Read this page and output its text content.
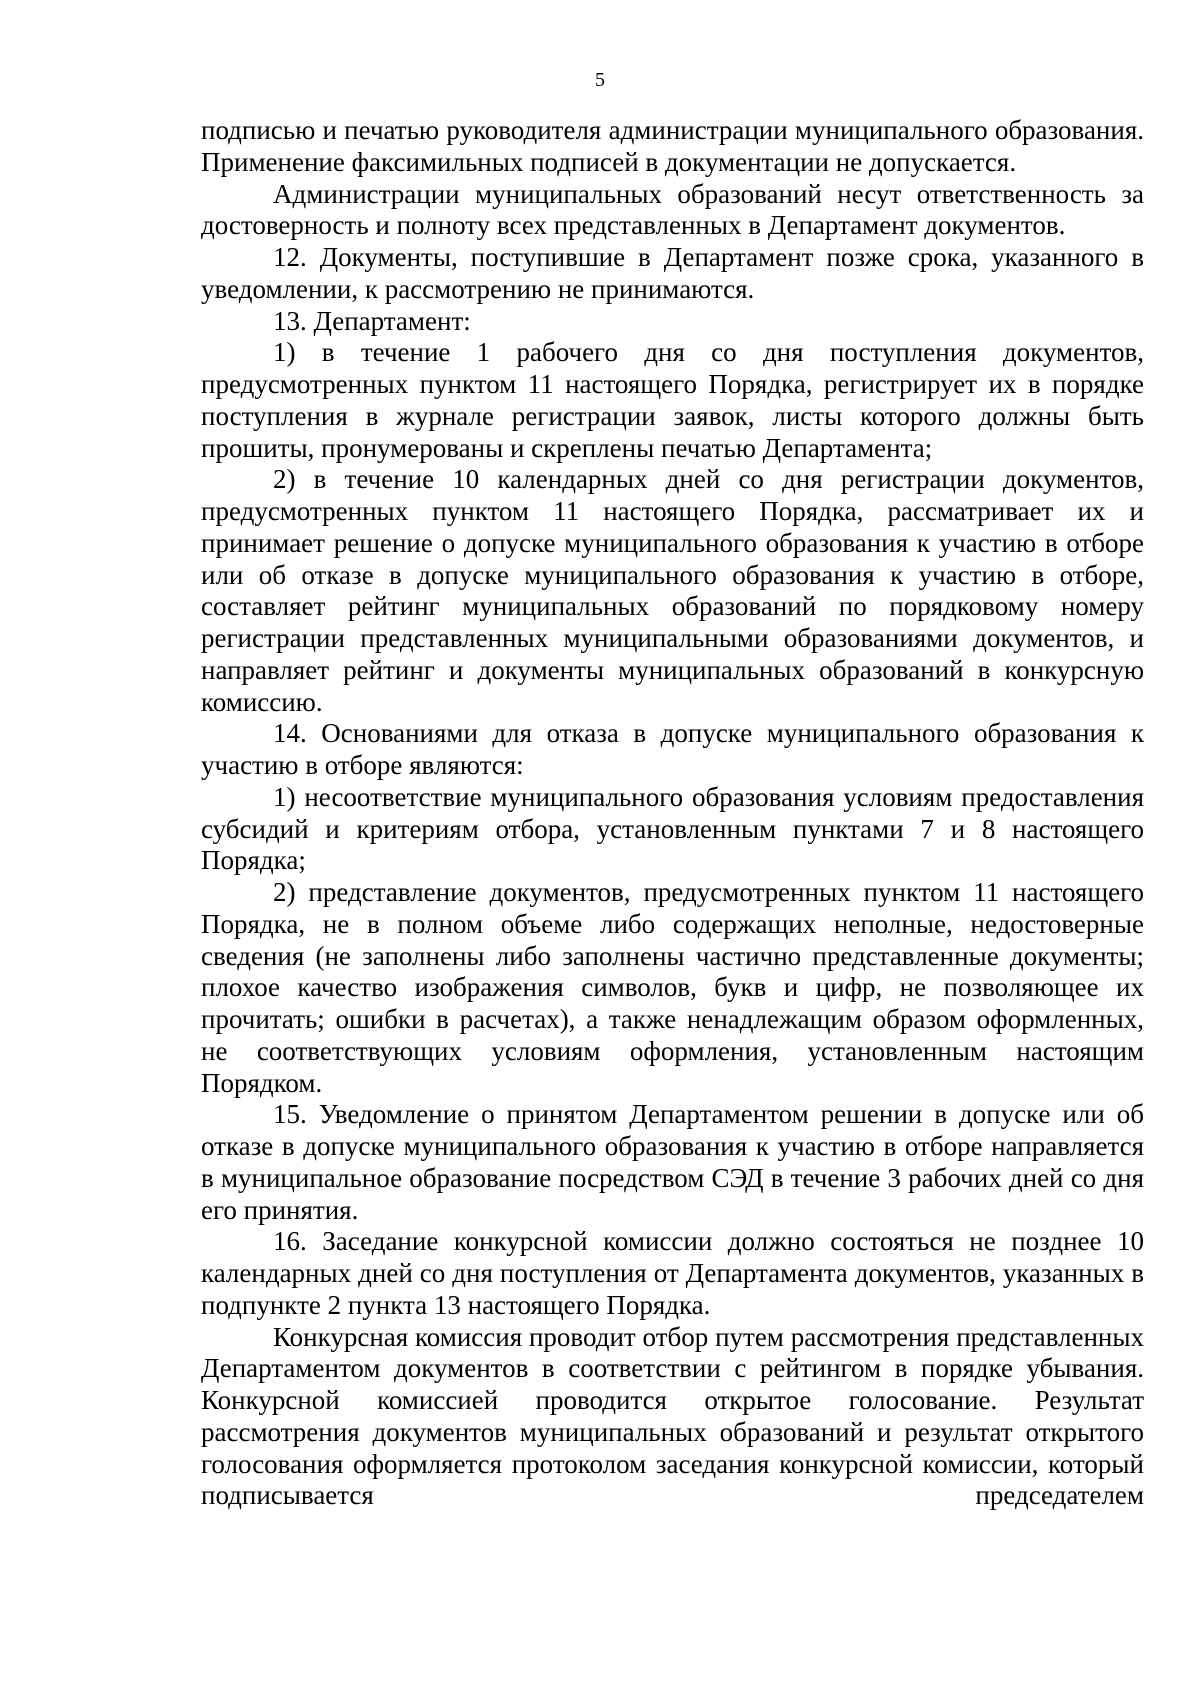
5

подписью и печатью руководителя администрации муниципального образования. Применение факсимильных подписей в документации не допускается.

Администрации муниципальных образований несут ответственность за достоверность и полноту всех представленных в Департамент документов.

12. Документы, поступившие в Департамент позже срока, указанного в уведомлении, к рассмотрению не принимаются.

13. Департамент:

1) в течение 1 рабочего дня со дня поступления документов, предусмотренных пунктом 11 настоящего Порядка, регистрирует их в порядке поступления в журнале регистрации заявок, листы которого должны быть прошиты, пронумерованы и скреплены печатью Департамента;

2) в течение 10 календарных дней со дня регистрации документов, предусмотренных пунктом 11 настоящего Порядка, рассматривает их и принимает решение о допуске муниципального образования к участию в отборе или об отказе в допуске муниципального образования к участию в отборе, составляет рейтинг муниципальных образований по порядковому номеру регистрации представленных муниципальными образованиями документов, и направляет рейтинг и документы муниципальных образований в конкурсную комиссию.

14. Основаниями для отказа в допуске муниципального образования к участию в отборе являются:

1) несоответствие муниципального образования условиям предоставления субсидий и критериям отбора, установленным пунктами 7 и 8 настоящего Порядка;

2) представление документов, предусмотренных пунктом 11 настоящего Порядка, не в полном объеме либо содержащих неполные, недостоверные сведения (не заполнены либо заполнены частично представленные документы; плохое качество изображения символов, букв и цифр, не позволяющее их прочитать; ошибки в расчетах), а также ненадлежащим образом оформленных, не соответствующих условиям оформления, установленным настоящим Порядком.

15. Уведомление о принятом Департаментом решении в допуске или об отказе в допуске муниципального образования к участию в отборе направляется в муниципальное образование посредством СЭД в течение 3 рабочих дней со дня его принятия.

16. Заседание конкурсной комиссии должно состояться не позднее 10 календарных дней со дня поступления от Департамента документов, указанных в подпункте 2 пункта 13 настоящего Порядка.

Конкурсная комиссия проводит отбор путем рассмотрения представленных Департаментом документов в соответствии с рейтингом в порядке убывания. Конкурсной комиссией проводится открытое голосование. Результат рассмотрения документов муниципальных образований и результат открытого голосования оформляется протоколом заседания конкурсной комиссии, который подписывается председателем
